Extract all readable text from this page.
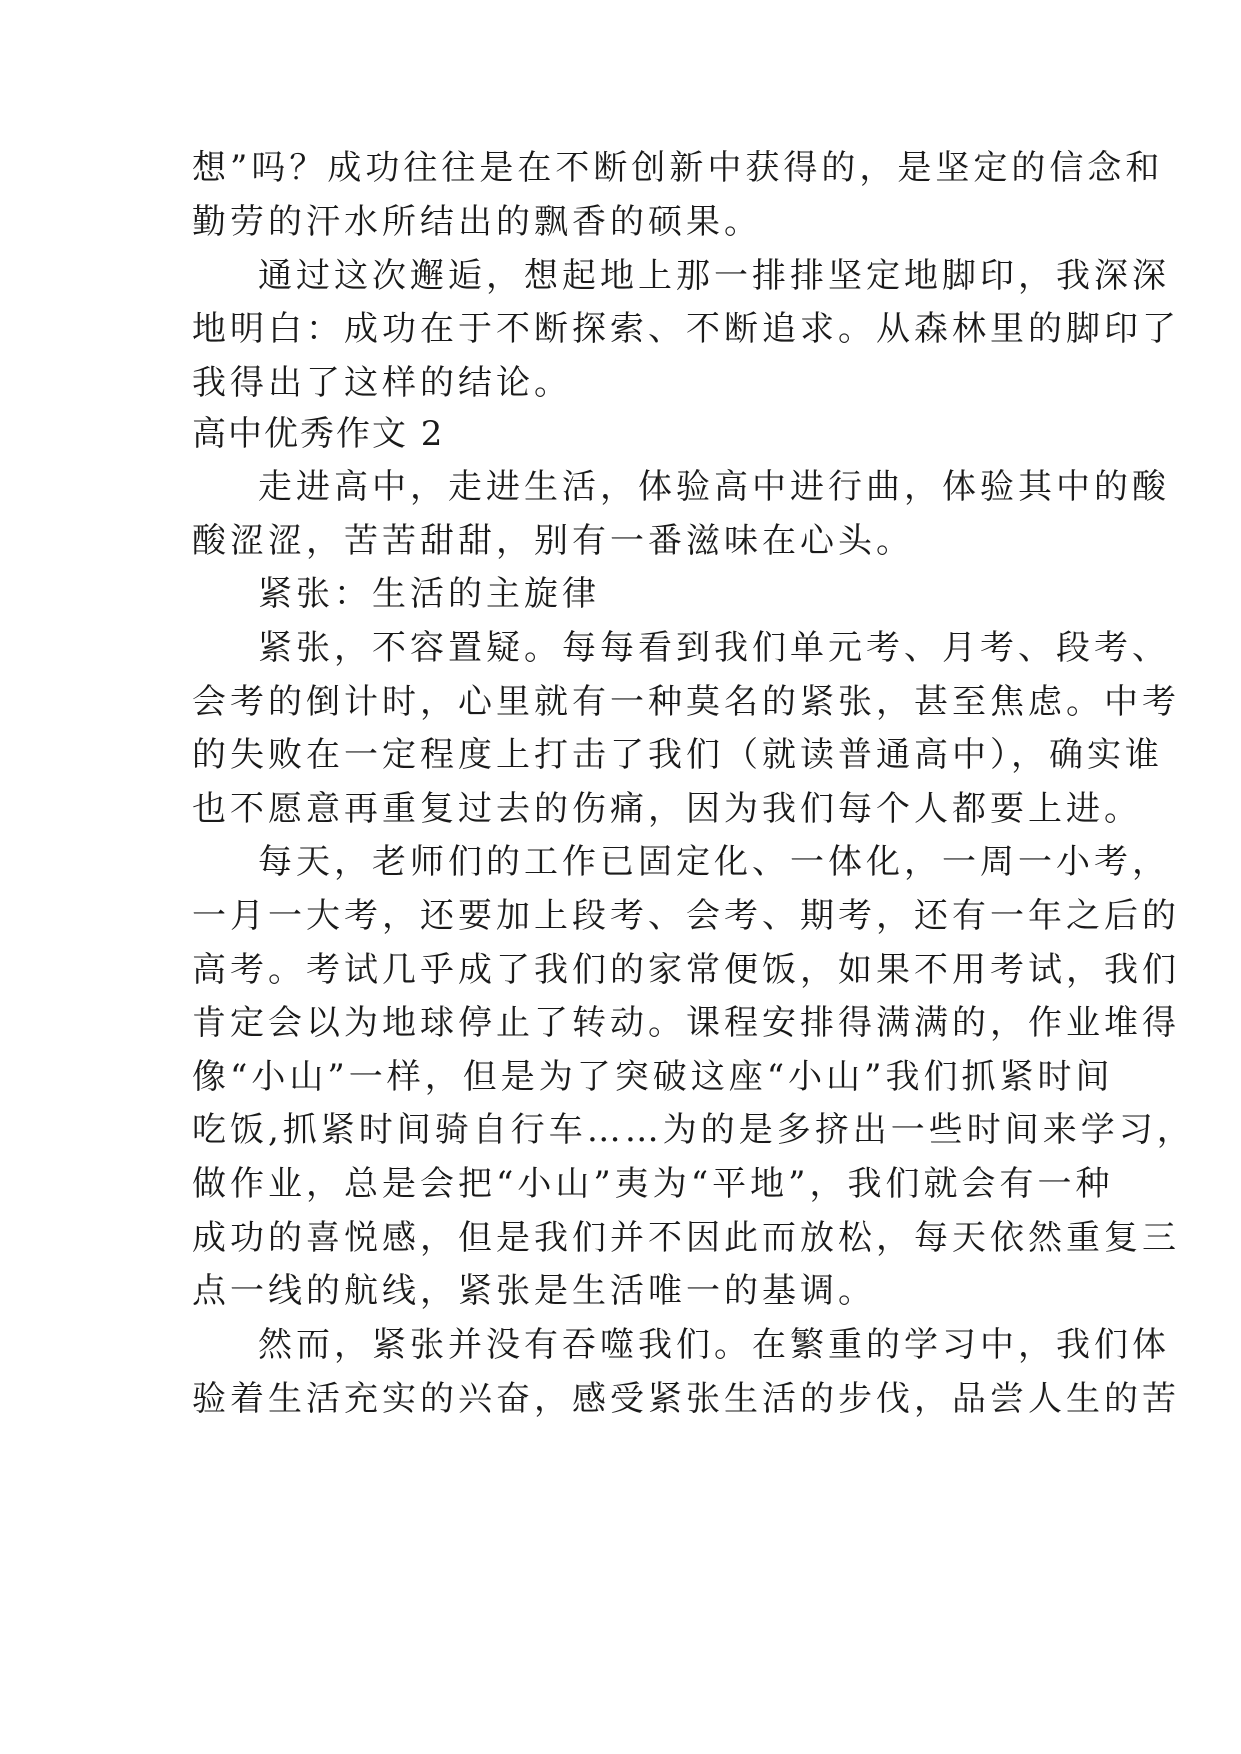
想”吗？成功往往是在不断创新中获得的，是坚定的信念和

勤劳的汗水所结出的飘香的硕果。

通过这次邂逅，想起地上那一排排坚定地脚印，我深深

地明白：成功在于不断探索、不断追求。从森林里的脚印了

我得出了这样的结论。

高中优秀作文 2

走进高中，走进生活，体验高中进行曲，体验其中的酸

酸涩涩，苦苦甜甜，别有一番滋味在心头。

紧张：生活的主旋律

紧张，不容置疑。每每看到我们单元考、月考、段考、

会考的倒计时，心里就有一种莫名的紧张，甚至焦虑。中考

的失败在一定程度上打击了我们（就读普通高中），确实谁

也不愿意再重复过去的伤痛，因为我们每个人都要上进。

每天，老师们的工作已固定化、一体化，一周一小考，

一月一大考，还要加上段考、会考、期考，还有一年之后的

高考。考试几乎成了我们的家常便饭，如果不用考试，我们

肯定会以为地球停止了转动。课程安排得满满的，作业堆得

像“小山”一样，但是为了突破这座“小山”我们抓紧时间

吃饭,抓紧时间骑自行车……为的是多挤出一些时间来学习，

做作业，总是会把“小山”夷为“平地”，我们就会有一种

成功的喜悦感，但是我们并不因此而放松，每天依然重复三

点一线的航线，紧张是生活唯一的基调。

然而，紧张并没有吞噬我们。在繁重的学习中，我们体

验着生活充实的兴奋，感受紧张生活的步伐，品尝人生的苦
